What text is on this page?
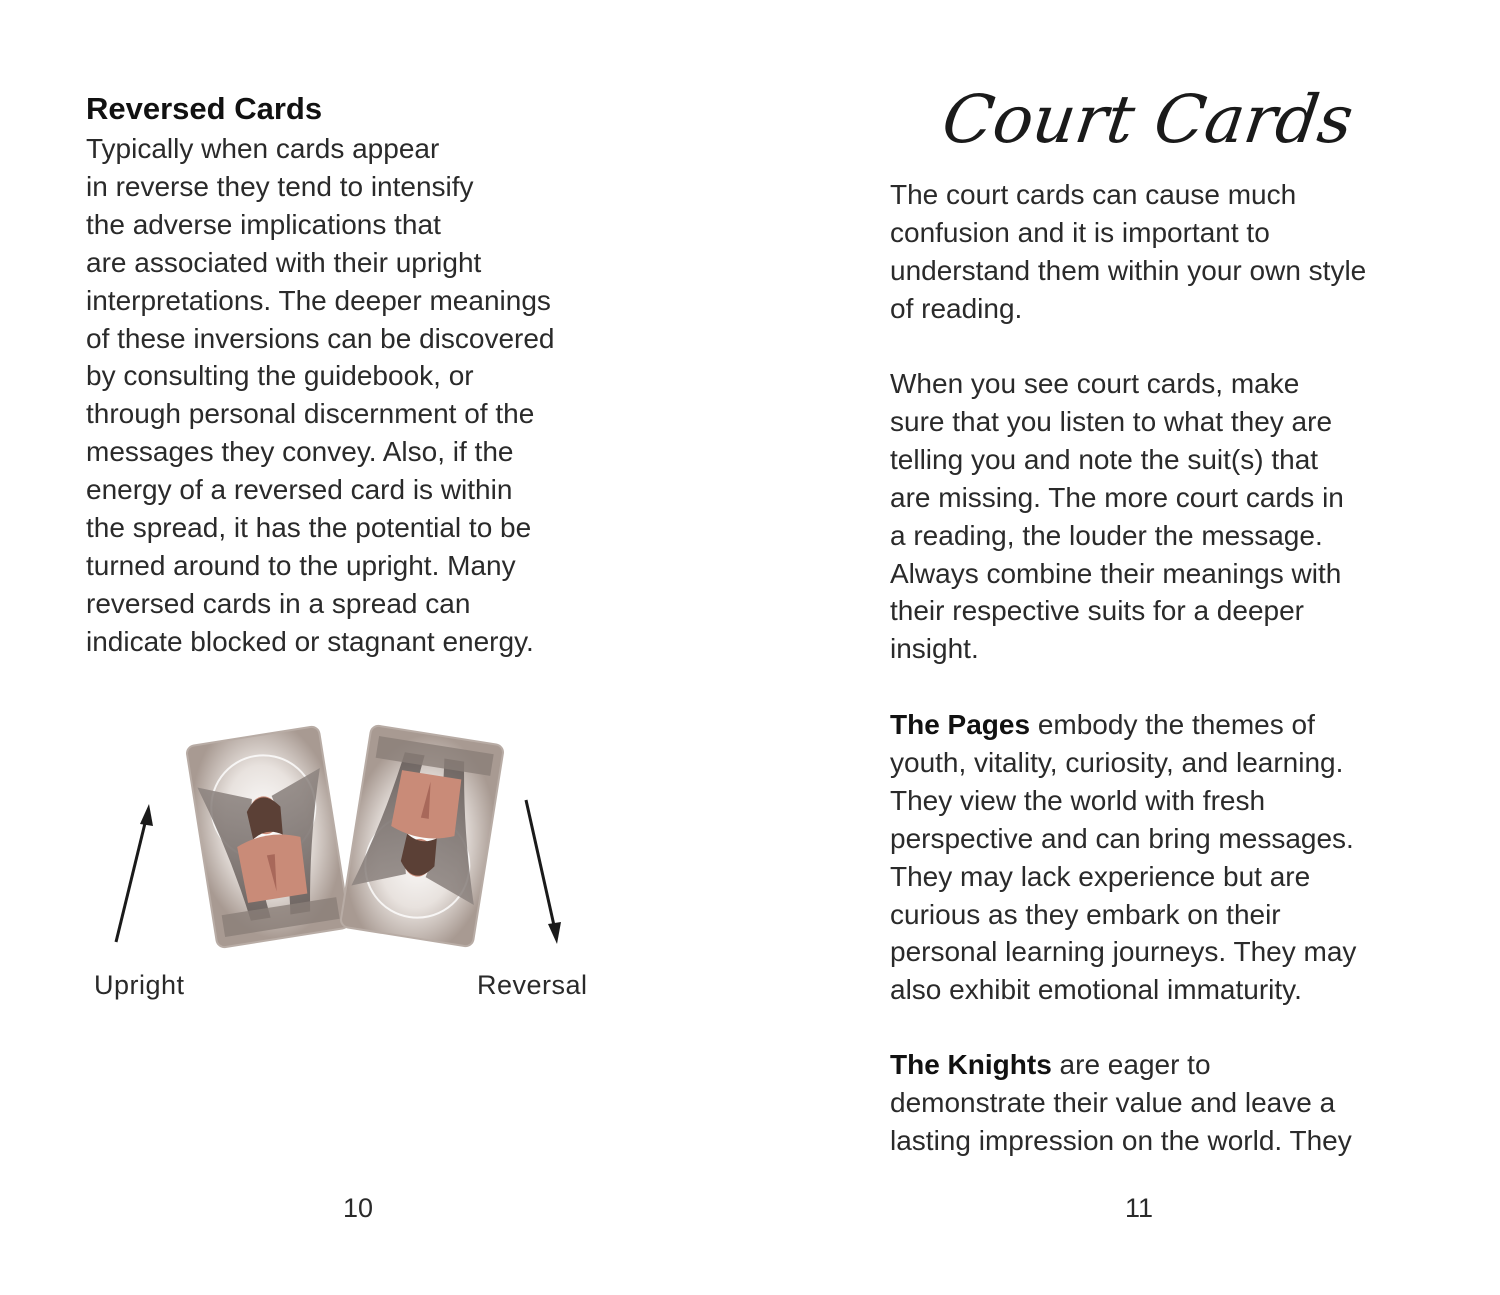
Reversed Cards

Typically when cards appear
in reverse they tend to intensify
the adverse implications that
are associated with their upright
interpretations. The deeper meanings
of these inversions can be discovered
by consulting the guidebook, or
through personal discernment of the
messages they convey. Also, if the
energy of a reversed card is within
the spread, it has the potential to be
turned around to the upright. Many
reversed cards in a spread can
indicate blocked or stagnant energy.

Upright	Reversal

10

Court Cards

The court cards can cause much
confusion and it is important to
understand them within your own style
of reading.

When you see court cards, make
sure that you listen to what they are
telling you and note the suit(s) that
are missing. The more court cards in
a reading, the louder the message.
Always combine their meanings with
their respective suits for a deeper
insight.

The Pages embody the themes of
youth, vitality, curiosity, and learning.
They view the world with fresh
perspective and can bring messages.
They may lack experience but are
curious as they embark on their
personal learning journeys. They may
also exhibit emotional immaturity.

The Knights are eager to
demonstrate their value and leave a
lasting impression on the world. They

11
